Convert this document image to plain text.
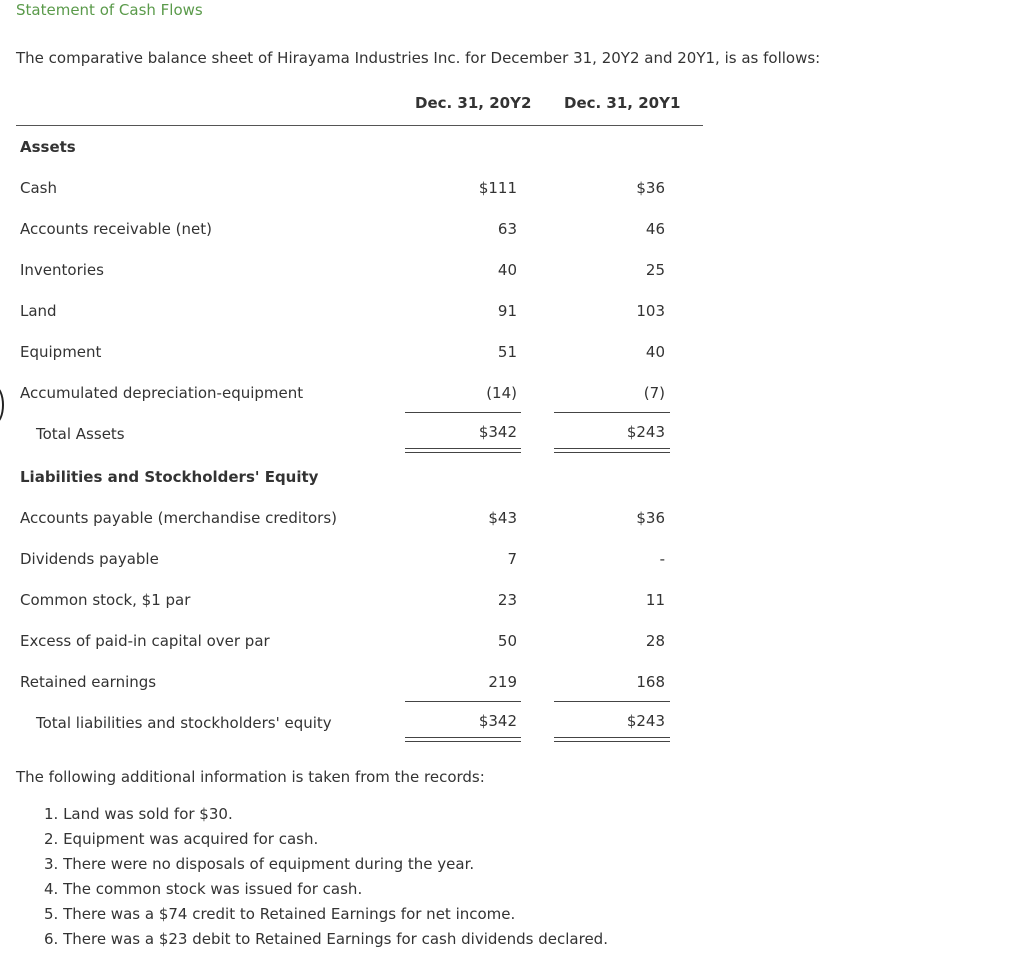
Statement of Cash Flows
The comparative balance sheet of Hirayama Industries Inc. for December 31, 20Y2 and 20Y1, is as follows:
Dec. 31, 20Y2 Dec. 31, 20Y1
Assets
Cash	$111	$36
Accounts receivable (net)	63	46
Inventories	40	25
Land	91	103
Equipment	51	40
Accumulated depreciation-equipment	(14)	(7)
Total Assets	$342	$243
Liabilities and Stockholders' Equity
Accounts payable (merchandise creditors)	$43	$36
Dividends payable	7	-
Common stock, $1 par	23	11
Excess of paid-in capital over par	50	28
Retained earnings	219	168
Total liabilities and stockholders' equity	$342	$243
The following additional information is taken from the records:
1. Land was sold for $30.
2. Equipment was acquired for cash.
3. There were no disposals of equipment during the year.
4. The common stock was issued for cash.
5. There was a $74 credit to Retained Earnings for net income.
6. There was a $23 debit to Retained Earnings for cash dividends declared.
